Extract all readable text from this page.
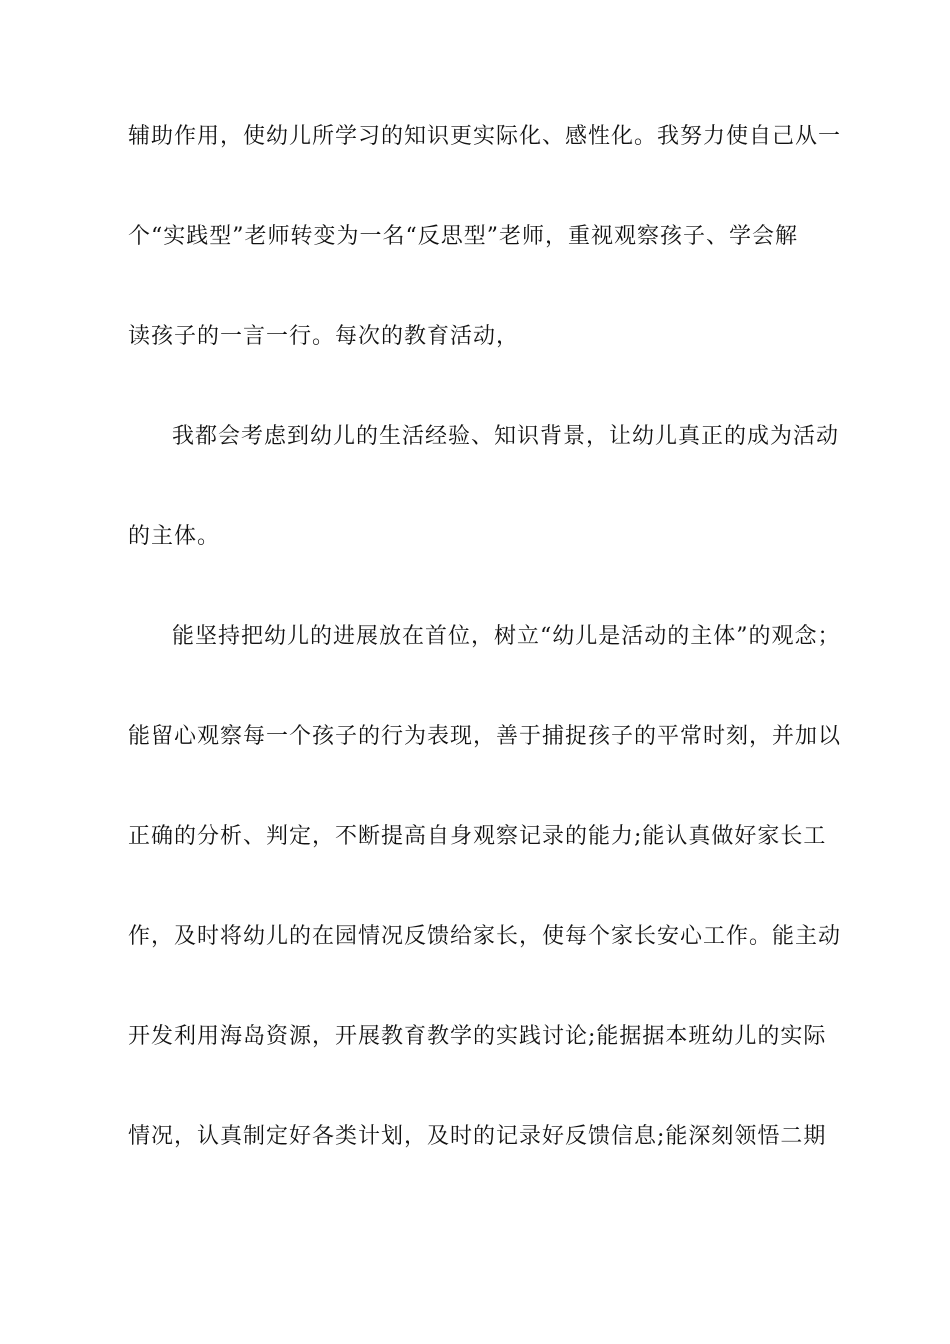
辅助作用，使幼儿所学习的知识更实际化、感性化。我努力使自己从一
个“实践型”老师转变为一名“反思型”老师，重视观察孩子、学会解
读孩子的一言一行。每次的教育活动，
我都会考虑到幼儿的生活经验、知识背景，让幼儿真正的成为活动
的主体。
能坚持把幼儿的进展放在首位，树立“幼儿是活动的主体”的观念；
能留心观察每一个孩子的行为表现，善于捕捉孩子的平常时刻，并加以
正确的分析、判定，不断提高自身观察记录的能力;能认真做好家长工
作，及时将幼儿的在园情况反馈给家长，使每个家长安心工作。能主动
开发利用海岛资源，开展教育教学的实践讨论;能据据本班幼儿的实际
情况，认真制定好各类计划，及时的记录好反馈信息;能深刻领悟二期
